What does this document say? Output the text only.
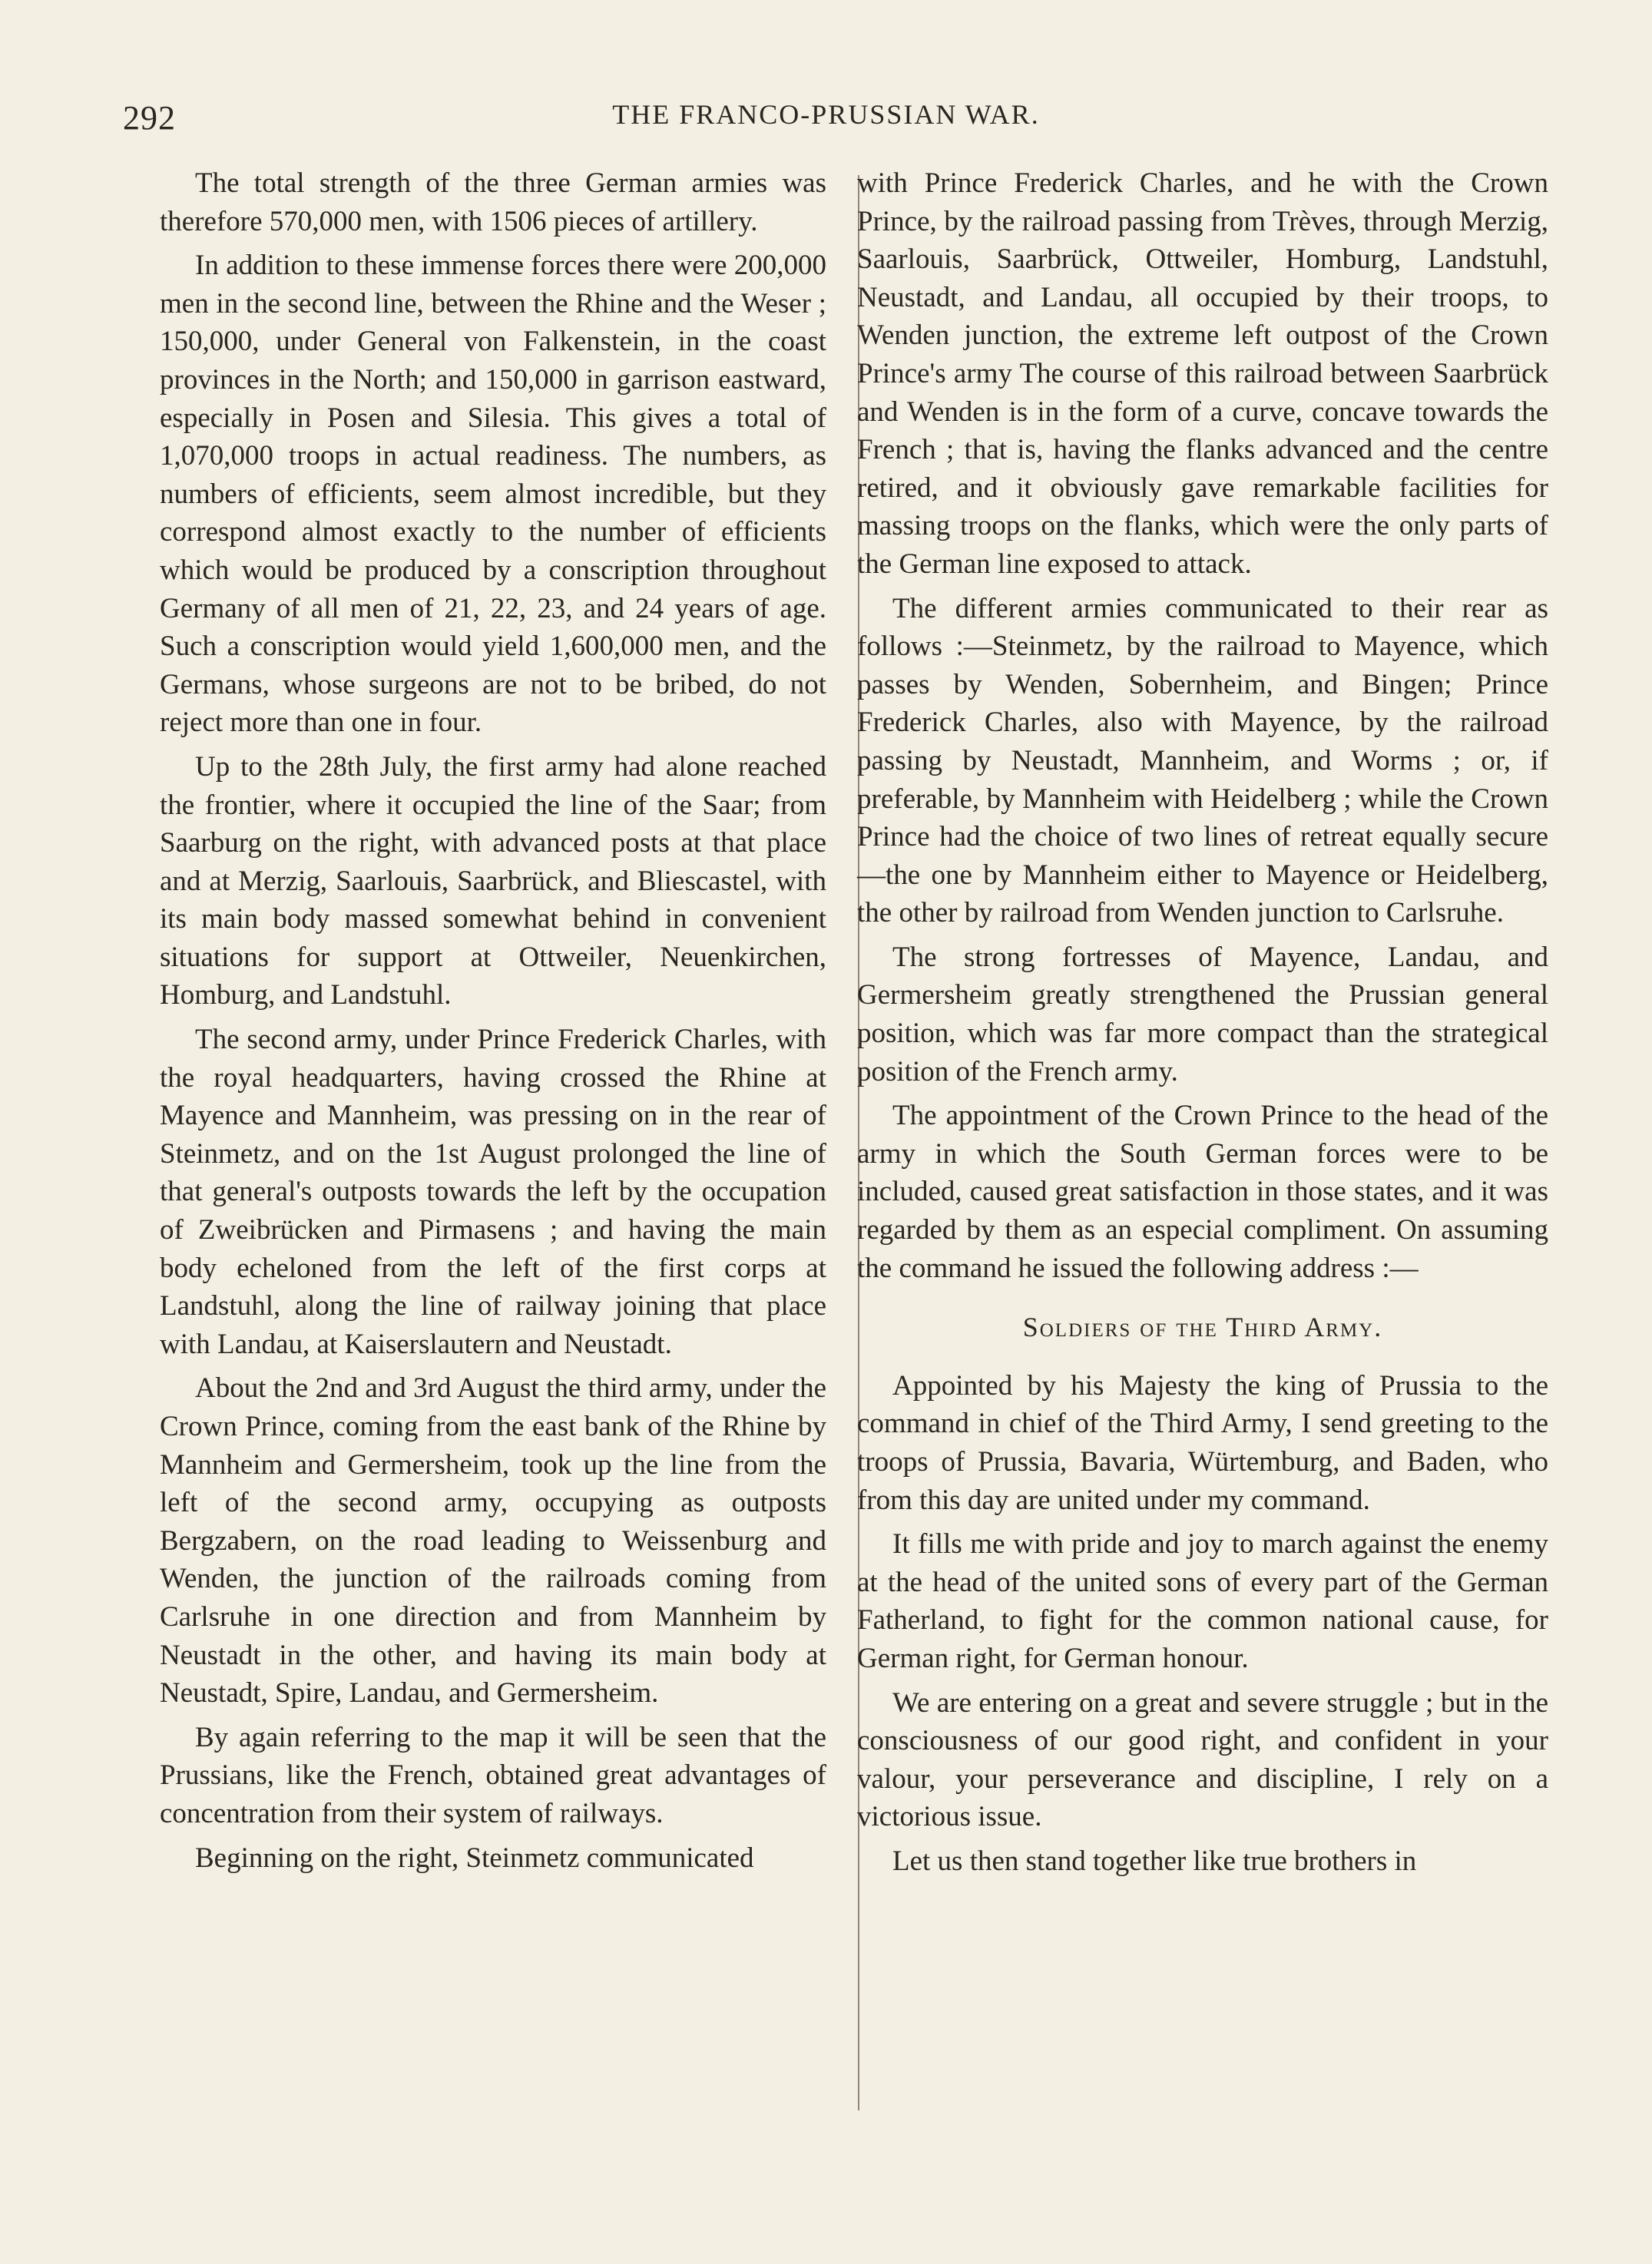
292	THE FRANCO-PRUSSIAN WAR.

The total strength of the three German armies was therefore 570,000 men, with 1506 pieces of artillery.

In addition to these immense forces there were 200,000 men in the second line, between the Rhine and the Weser ; 150,000, under General von Falkenstein, in the coast provinces in the North; and 150,000 in garrison eastward, especially in Posen and Silesia. This gives a total of 1,070,000 troops in actual readiness. The numbers, as numbers of efficients, seem almost incredible, but they correspond almost exactly to the number of efficients which would be produced by a conscription throughout Germany of all men of 21, 22, 23, and 24 years of age. Such a conscription would yield 1,600,000 men, and the Germans, whose surgeons are not to be bribed, do not reject more than one in four.

Up to the 28th July, the first army had alone reached the frontier, where it occupied the line of the Saar; from Saarburg on the right, with advanced posts at that place and at Merzig, Saarlouis, Saarbrück, and Bliescastel, with its main body massed somewhat behind in convenient situations for support at Ottweiler, Neuenkirchen, Homburg, and Landstuhl.

The second army, under Prince Frederick Charles, with the royal headquarters, having crossed the Rhine at Mayence and Mannheim, was pressing on in the rear of Steinmetz, and on the 1st August prolonged the line of that general's outposts towards the left by the occupation of Zweibrücken and Pirmasens ; and having the main body echeloned from the left of the first corps at Landstuhl, along the line of railway joining that place with Landau, at Kaiserslautern and Neustadt.

About the 2nd and 3rd August the third army, under the Crown Prince, coming from the east bank of the Rhine by Mannheim and Germersheim, took up the line from the left of the second army, occupying as outposts Bergzabern, on the road leading to Weissenburg and Wenden, the junction of the railroads coming from Carlsruhe in one direction and from Mannheim by Neustadt in the other, and having its main body at Neustadt, Spire, Landau, and Germersheim.

By again referring to the map it will be seen that the Prussians, like the French, obtained great advantages of concentration from their system of railways.

Beginning on the right, Steinmetz communicated

with Prince Frederick Charles, and he with the Crown Prince, by the railroad passing from Trèves, through Merzig, Saarlouis, Saarbrück, Ottweiler, Homburg, Landstuhl, Neustadt, and Landau, all occupied by their troops, to Wenden junction, the extreme left outpost of the Crown Prince's army The course of this railroad between Saarbrück and Wenden is in the form of a curve, concave towards the French ; that is, having the flanks advanced and the centre retired, and it obviously gave remarkable facilities for massing troops on the flanks, which were the only parts of the German line exposed to attack.

The different armies communicated to their rear as follows :—Steinmetz, by the railroad to Mayence, which passes by Wenden, Sobernheim, and Bingen; Prince Frederick Charles, also with Mayence, by the railroad passing by Neustadt, Mannheim, and Worms ; or, if preferable, by Mannheim with Heidelberg ; while the Crown Prince had the choice of two lines of retreat equally secure—the one by Mannheim either to Mayence or Heidelberg, the other by railroad from Wenden junction to Carlsruhe.

The strong fortresses of Mayence, Landau, and Germersheim greatly strengthened the Prussian general position, which was far more compact than the strategical position of the French army.

The appointment of the Crown Prince to the head of the army in which the South German forces were to be included, caused great satisfaction in those states, and it was regarded by them as an especial compliment. On assuming the command he issued the following address :—

Soldiers of the Third Army.

Appointed by his Majesty the king of Prussia to the command in chief of the Third Army, I send greeting to the troops of Prussia, Bavaria, Würtemburg, and Baden, who from this day are united under my command.

It fills me with pride and joy to march against the enemy at the head of the united sons of every part of the German Fatherland, to fight for the common national cause, for German right, for German honour.

We are entering on a great and severe struggle ; but in the consciousness of our good right, and confident in your valour, your perseverance and discipline, I rely on a victorious issue.

Let us then stand together like true brothers in
